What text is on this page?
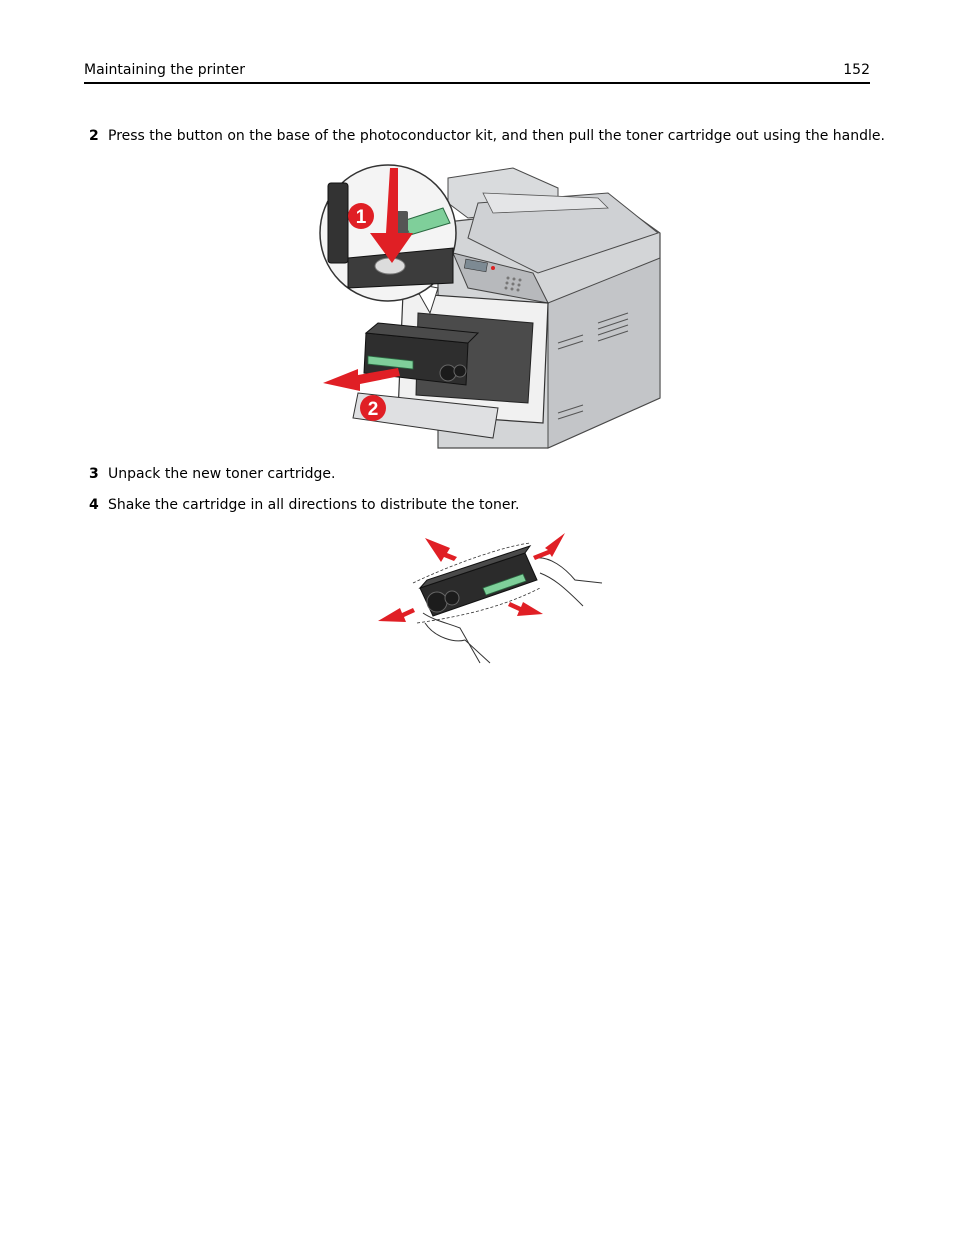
Maintaining the printer	152
2 Press the button on the base of the photoconductor kit, and then pull the toner cartridge out using the handle.
2
1
3 Unpack the new toner cartridge.
4 Shake the cartridge in all directions to distribute the toner.
